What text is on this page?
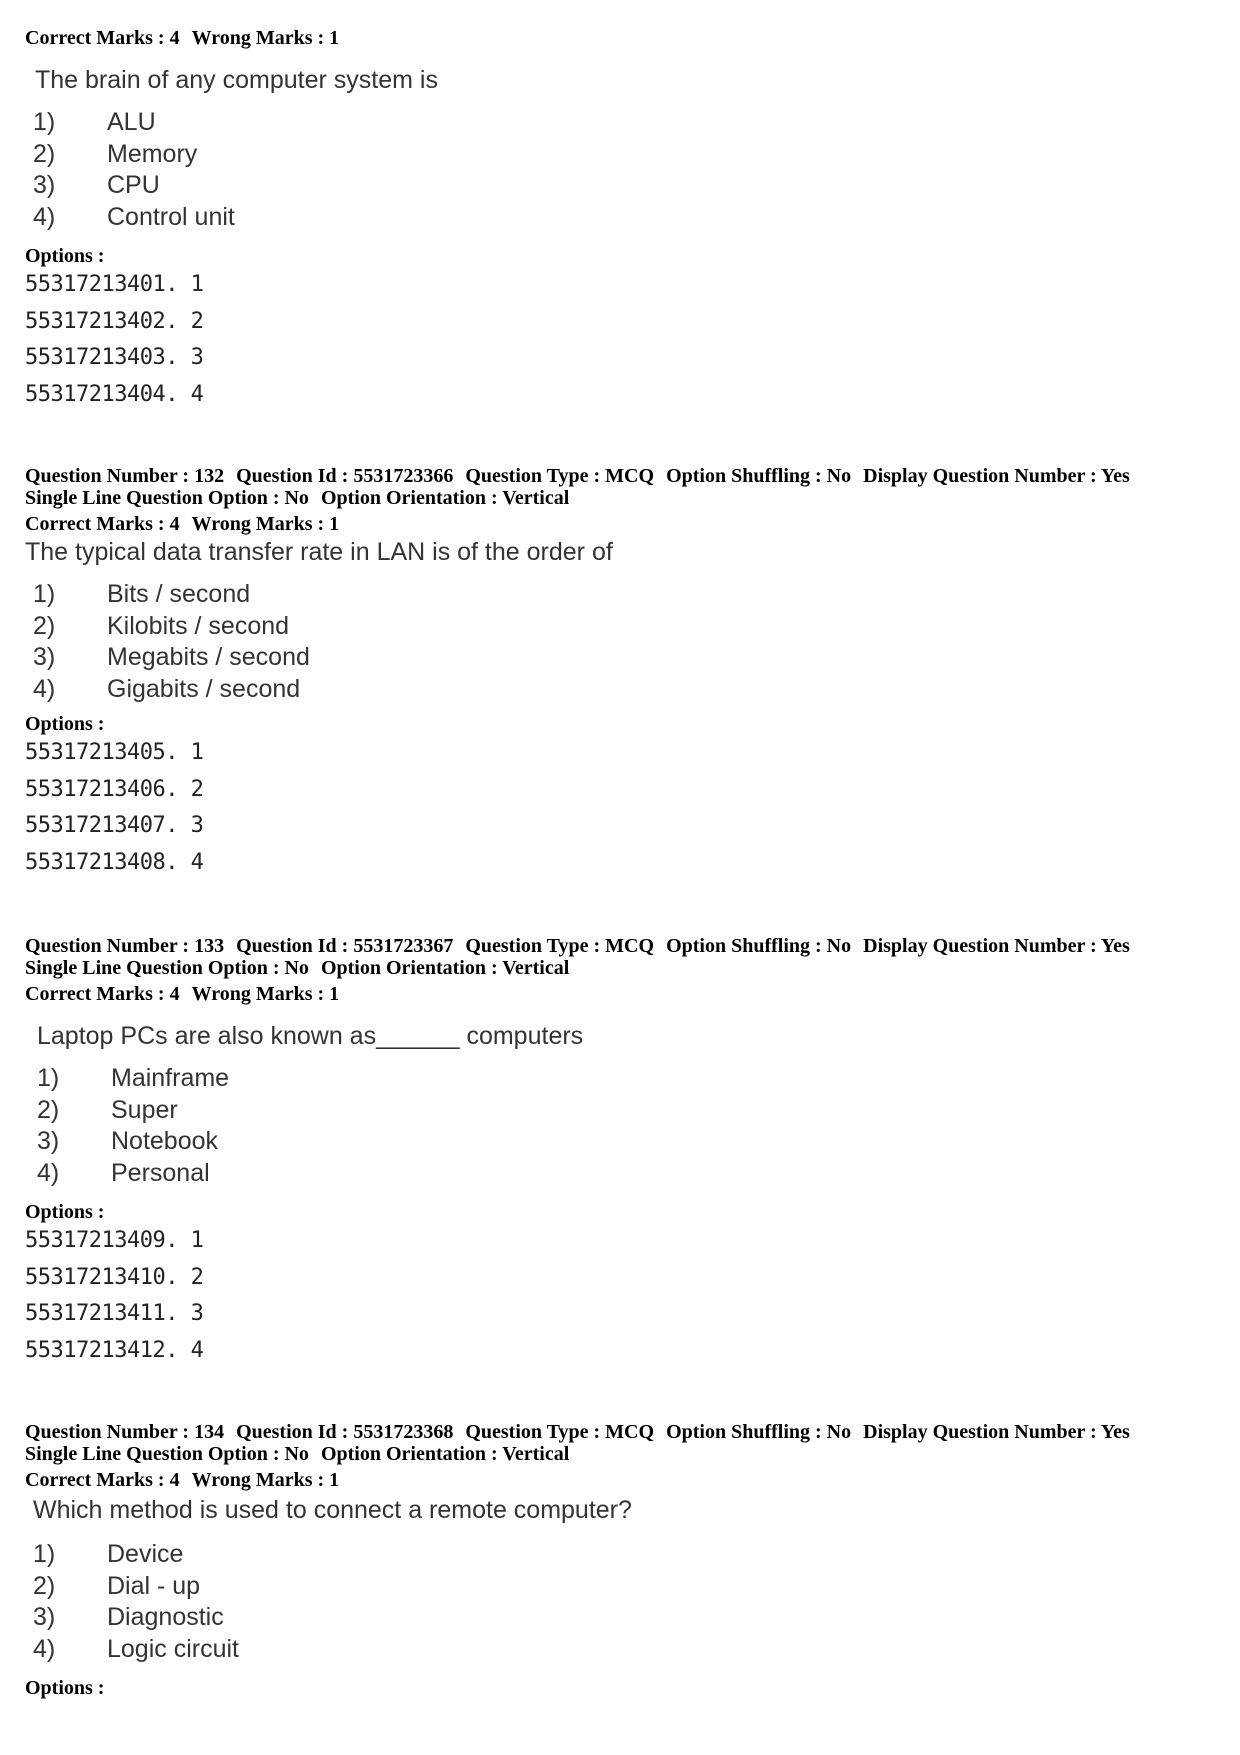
Correct Marks : 4 Wrong Marks : 1

The brain of any computer system is

1)	ALU
2)	Memory
3)	CPU
4)	Control unit

Options :

55317213401. 1
55317213402. 2
55317213403. 3
55317213404. 4

Question Number : 132 Question Id : 5531723366 Question Type : MCQ Option Shuffling : No Display Question Number : Yes

Single Line Question Option : No Option Orientation : Vertical

Correct Marks : 4 Wrong Marks : 1

The typical data transfer rate in LAN is of the order of

1)	Bits / second
2)	Kilobits / second
3)	Megabits / second
4)	Gigabits / second

Options :

55317213405. 1
55317213406. 2
55317213407. 3
55317213408. 4

Question Number : 133 Question Id : 5531723367 Question Type : MCQ Option Shuffling : No Display Question Number : Yes

Single Line Question Option : No Option Orientation : Vertical

Correct Marks : 4 Wrong Marks : 1

Laptop PCs are also known as______ computers

1)	Mainframe
2)	Super
3)	Notebook
4)	Personal

Options :

55317213409. 1
55317213410. 2
55317213411. 3
55317213412. 4

Question Number : 134 Question Id : 5531723368 Question Type : MCQ Option Shuffling : No Display Question Number : Yes

Single Line Question Option : No Option Orientation : Vertical

Correct Marks : 4 Wrong Marks : 1

Which method is used to connect a remote computer?

1)	Device
2)	Dial - up
3)	Diagnostic
4)	Logic circuit

Options :
